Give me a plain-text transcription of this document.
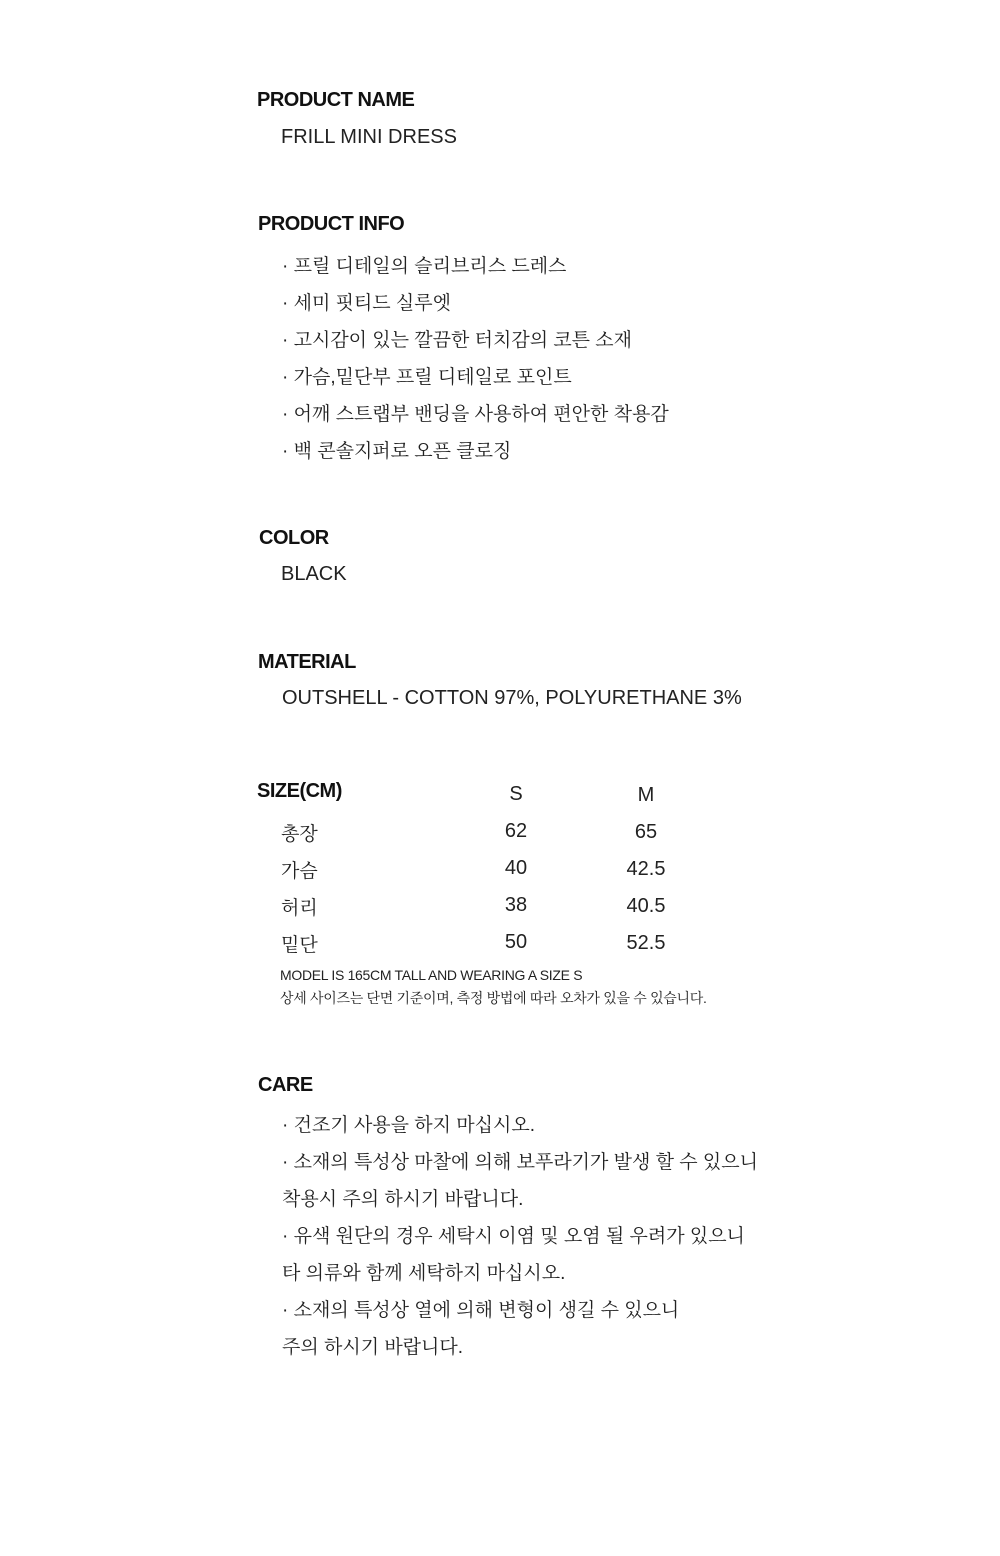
PRODUCT NAME
FRILL MINI DRESS
PRODUCT INFO
· 프릴 디테일의 슬리브리스 드레스
· 세미 핏티드 실루엣
· 고시감이 있는 깔끔한 터치감의 코튼 소재
· 가슴,밑단부 프릴 디테일로 포인트
· 어깨 스트랩부 밴딩을 사용하여 편안한 착용감
· 백 콘솔지퍼로 오픈 클로징
COLOR
BLACK
MATERIAL
OUTSHELL - COTTON 97%, POLYURETHANE 3%
SIZE(CM)	S	M
총장	62	65
가슴	40	42.5
허리	38	40.5
밑단	50	52.5
MODEL IS 165CM TALL AND WEARING A SIZE S
상세 사이즈는 단면 기준이며, 측정 방법에 따라 오차가 있을 수 있습니다.
CARE
· 건조기 사용을 하지 마십시오.
· 소재의 특성상 마찰에 의해 보푸라기가 발생 할 수 있으니
착용시 주의 하시기 바랍니다.
· 유색 원단의 경우 세탁시 이염 및 오염 될 우려가 있으니
타 의류와 함께 세탁하지 마십시오.
· 소재의 특성상 열에 의해 변형이 생길 수 있으니
주의 하시기 바랍니다.
